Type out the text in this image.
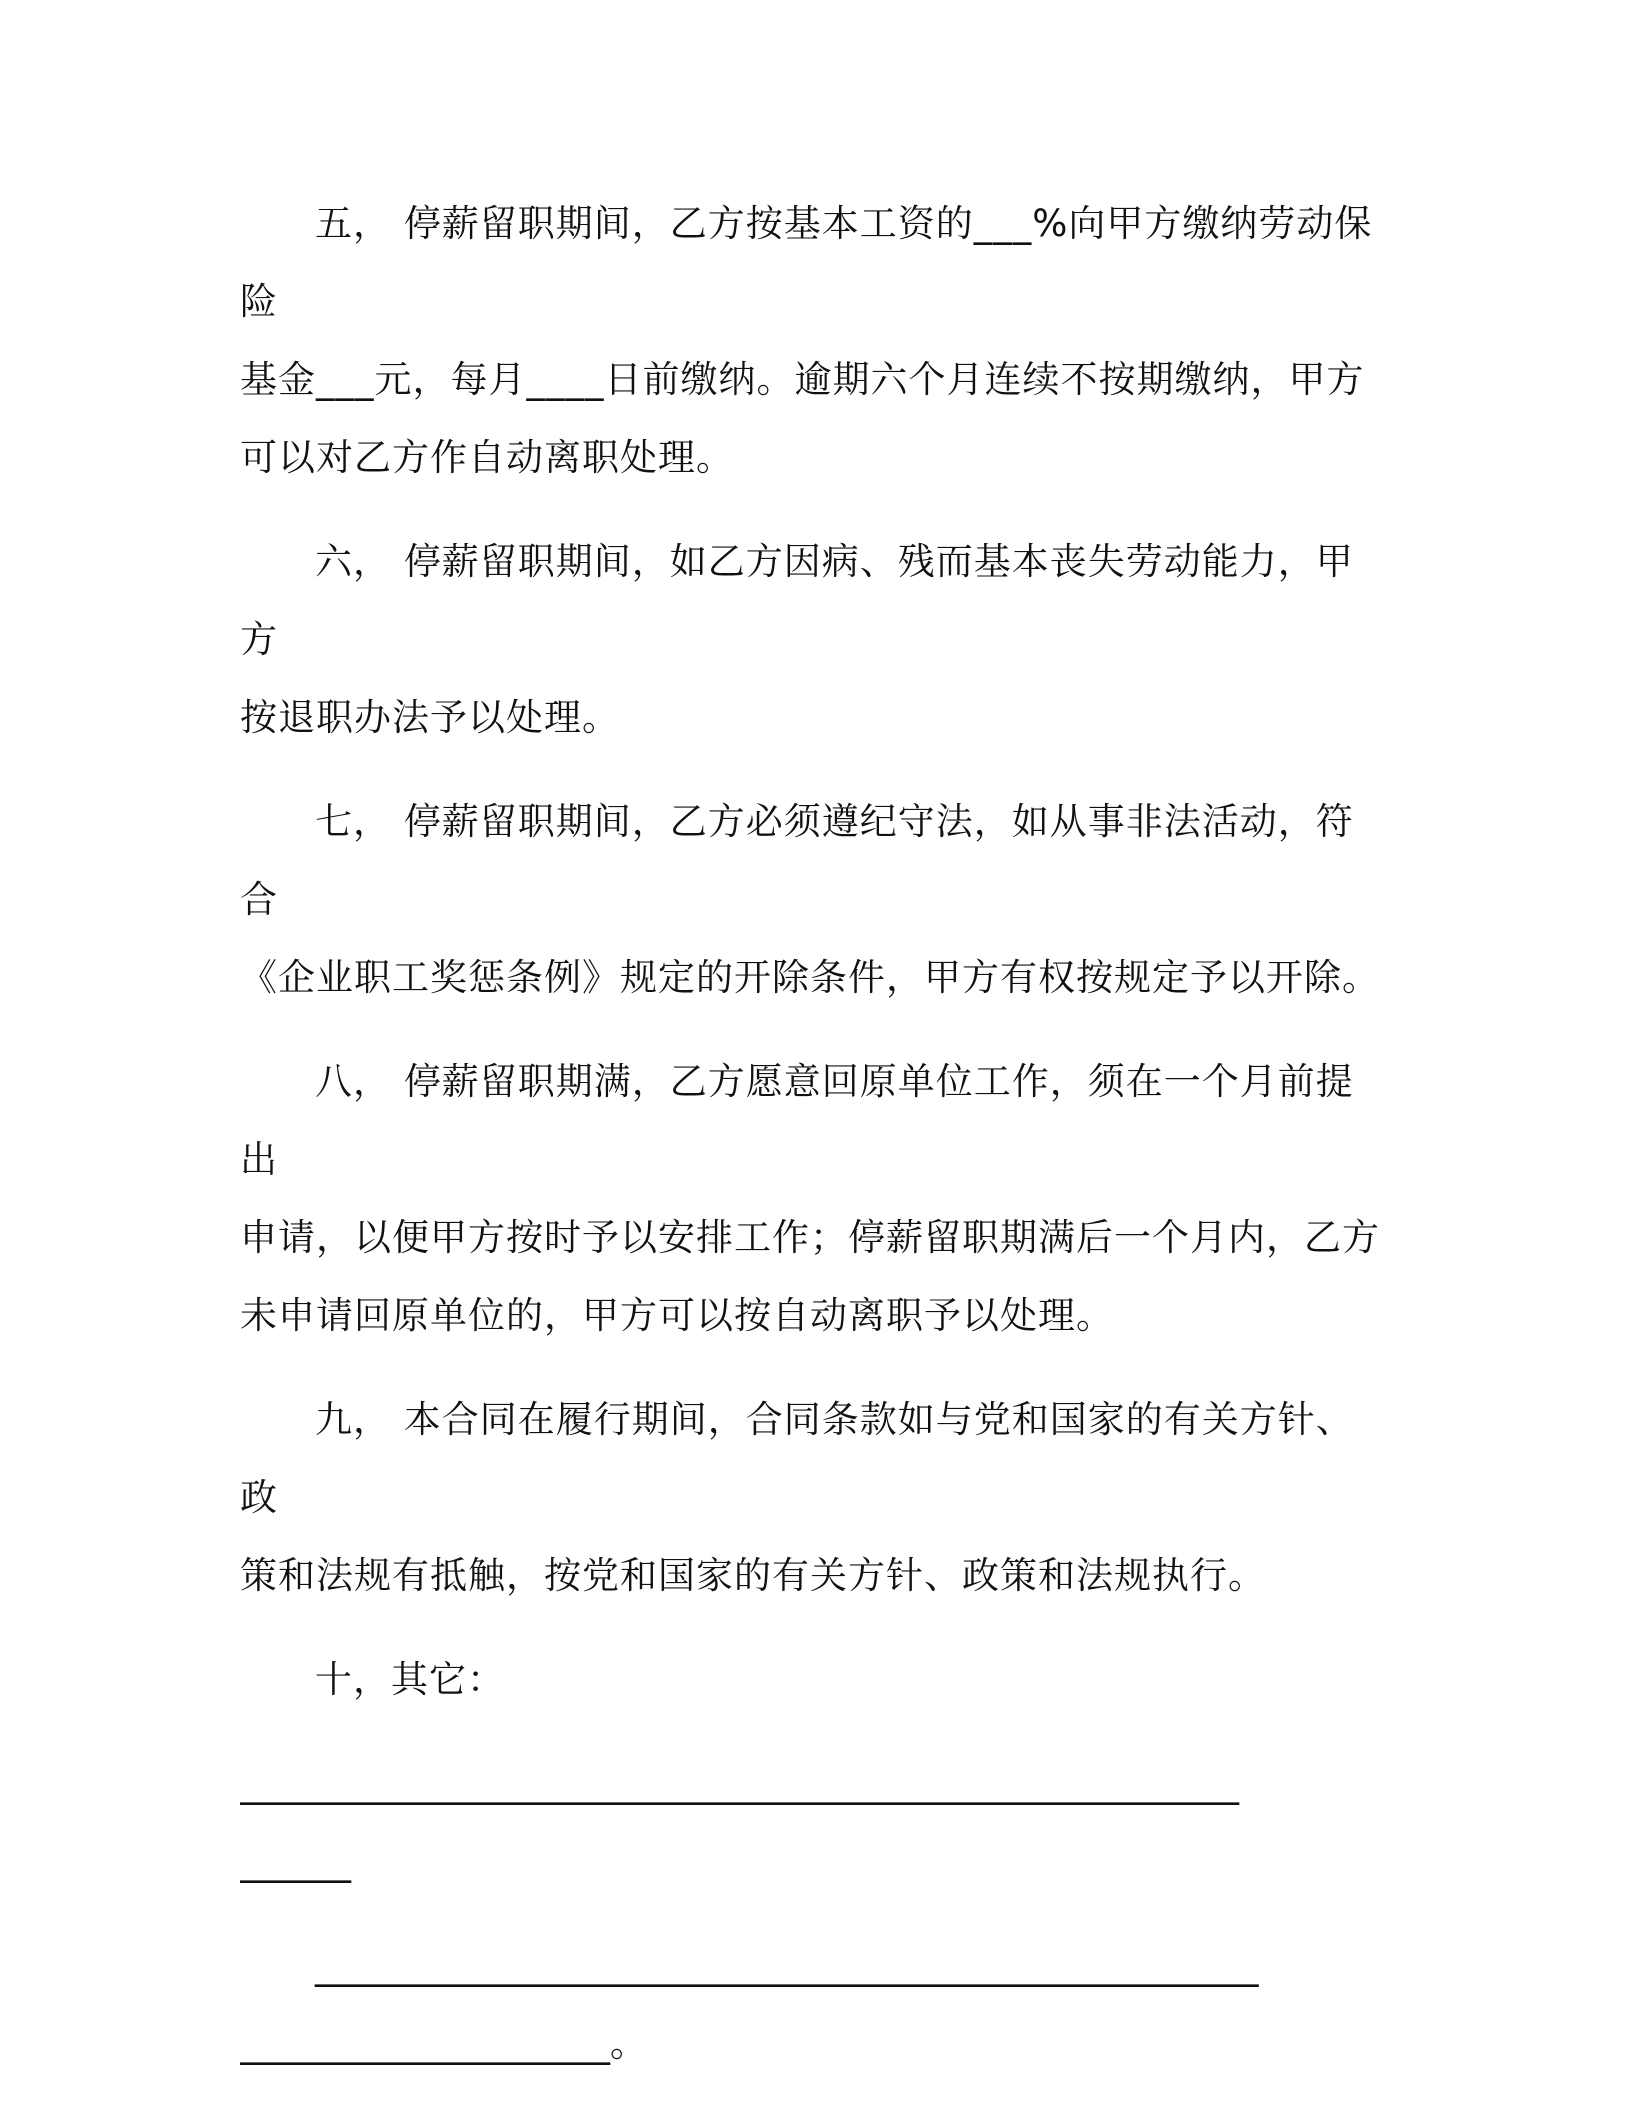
五， 停薪留职期间，乙方按基本工资的___%向甲方缴纳劳动保险
基金___元，每月____日前缴纳。逾期六个月连续不按期缴纳，甲方
可以对乙方作自动离职处理。
六， 停薪留职期间，如乙方因病、残而基本丧失劳动能力，甲方
按退职办法予以处理。
七， 停薪留职期间，乙方必须遵纪守法，如从事非法活动，符合
《企业职工奖惩条例》规定的开除条件，甲方有权按规定予以开除。
八， 停薪留职期满，乙方愿意回原单位工作，须在一个月前提出
申请，以便甲方按时予以安排工作；停薪留职期满后一个月内，乙方
未申请回原单位的，甲方可以按自动离职予以处理。
九， 本合同在履行期间，合同条款如与党和国家的有关方针、政
策和法规有抵触，按党和国家的有关方针、政策和法规执行。
十，其它：
______________________________________________________
______
___________________________________________________
____________________。
